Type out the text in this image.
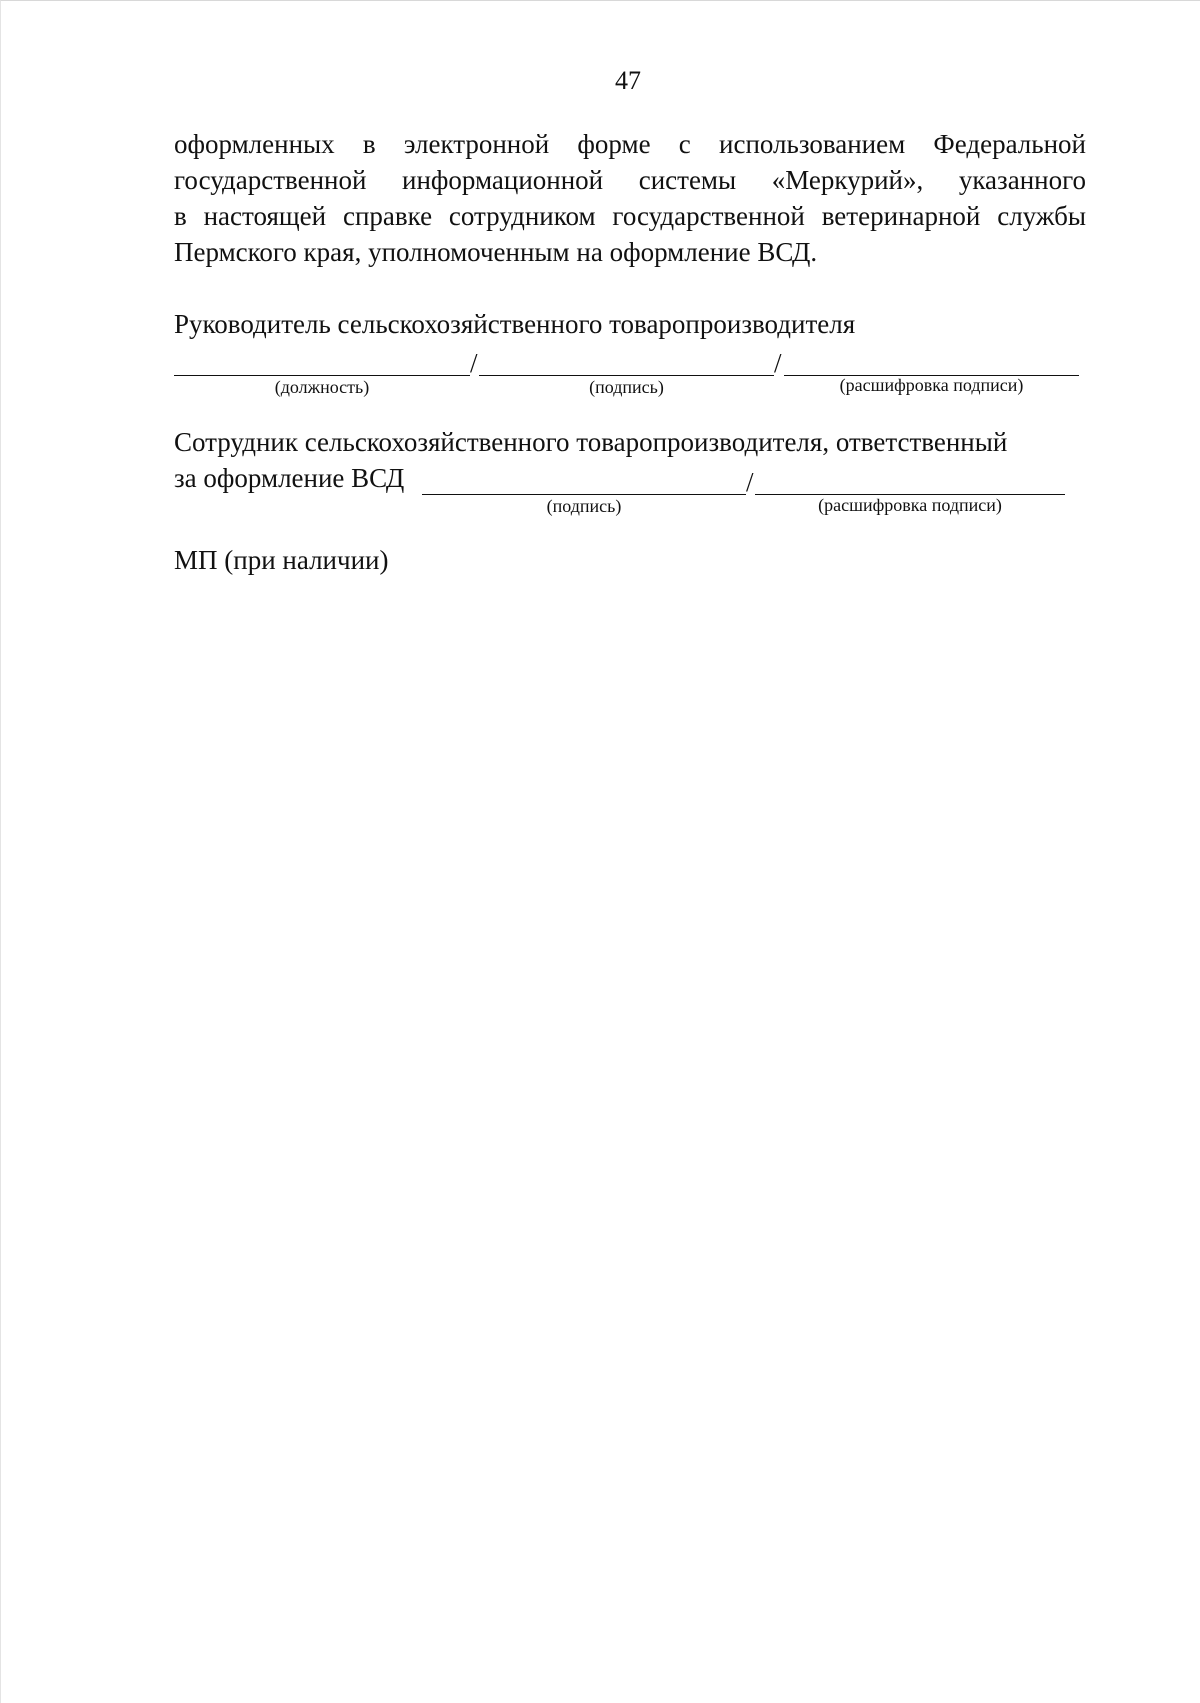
47
оформленных в электронной форме с использованием Федеральной
государственной информационной системы «Меркурий», указанного
в настоящей справке сотрудником государственной ветеринарной службы
Пермского края, уполномоченным на оформление ВСД.
Руководитель сельскохозяйственного товаропроизводителя
/	/
(должность)	(подпись)	(расшифровка подписи)
Сотрудник сельскохозяйственного товаропроизводителя, ответственный
за оформление ВСД	/
(подпись)	(расшифровка подписи)
МП (при наличии)
